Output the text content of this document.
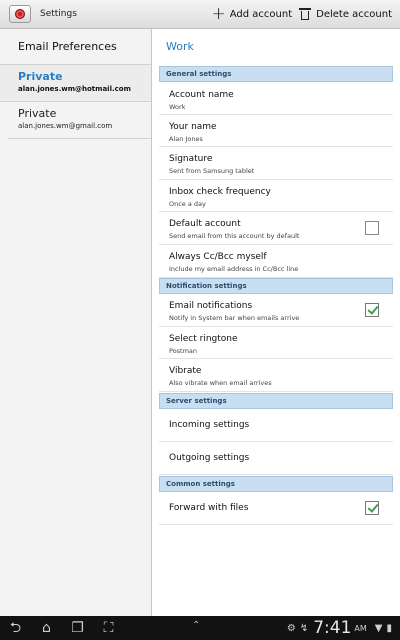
Settings	+ Add account Delete account
Email Preferences
Private
alan.jones.wm@hotmail.com
Private
alan.jones.wm@gmail.com
Work
General settings
Account name
Work
Your name
Alan Jones
Signature
Sent from Samsung tablet
Inbox check frequency
Once a day
Default account
Send email from this account by default
Always Cc/Bcc myself
Include my email address in Cc/Bcc line
Notification settings
Email notifications
Notify in System bar when emails arrive
Select ringtone
Postman
Vibrate
Also vibrate when email arrives
Server settings
Incoming settings
Outgoing settings
Common settings
Forward with files
⮌	⌂	❐	⛶	⌃	⚙ ↯ 7:41 AM ▼ ▮
